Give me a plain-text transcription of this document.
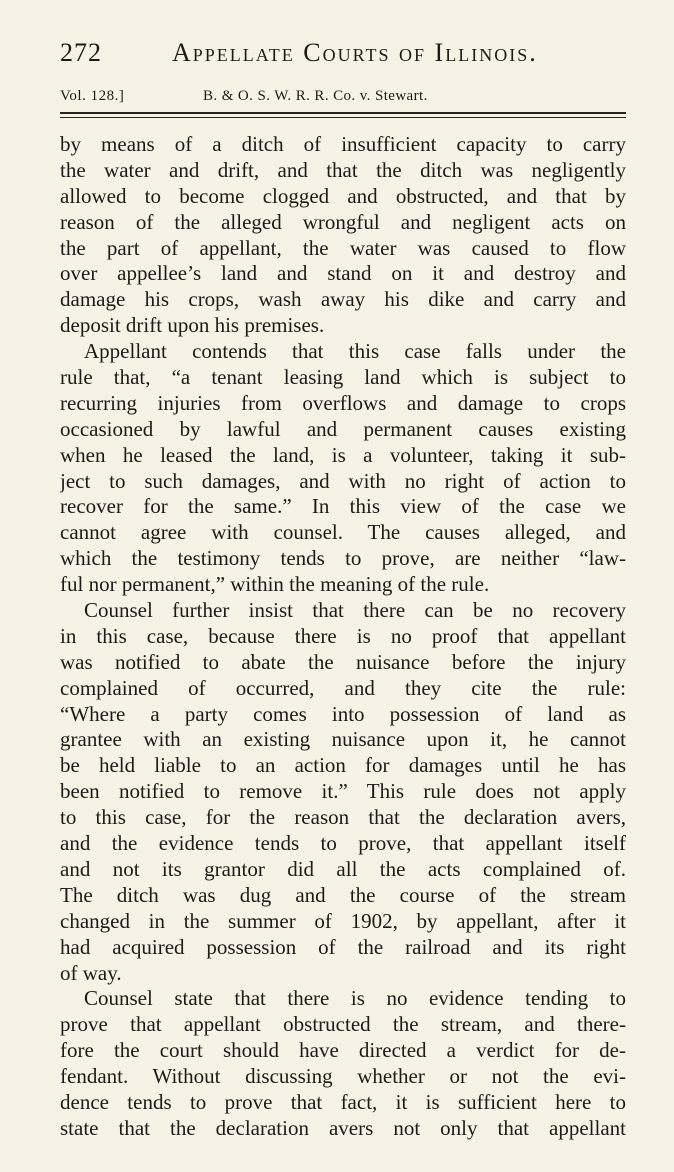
272	Appellate Courts of Illinois.
Vol. 128.]	B. & O. S. W. R. R. Co. v. Stewart.
by means of a ditch of insufficient capacity to carry
the water and drift, and that the ditch was negligently
allowed to become clogged and obstructed, and that by
reason of the alleged wrongful and negligent acts on
the part of appellant, the water was caused to flow
over appellee’s land and stand on it and destroy and
damage his crops, wash away his dike and carry and
deposit drift upon his premises.
Appellant contends that this case falls under the
rule that, “a tenant leasing land which is subject to
recurring injuries from overflows and damage to crops
occasioned by lawful and permanent causes existing
when he leased the land, is a volunteer, taking it sub-
ject to such damages, and with no right of action to
recover for the same.” In this view of the case we
cannot agree with counsel. The causes alleged, and
which the testimony tends to prove, are neither “law-
ful nor permanent,” within the meaning of the rule.
Counsel further insist that there can be no recovery
in this case, because there is no proof that appellant
was notified to abate the nuisance before the injury
complained of occurred, and they cite the rule:
“Where a party comes into possession of land as
grantee with an existing nuisance upon it, he cannot
be held liable to an action for damages until he has
been notified to remove it.” This rule does not apply
to this case, for the reason that the declaration avers,
and the evidence tends to prove, that appellant itself
and not its grantor did all the acts complained of.
The ditch was dug and the course of the stream
changed in the summer of 1902, by appellant, after it
had acquired possession of the railroad and its right
of way.
Counsel state that there is no evidence tending to
prove that appellant obstructed the stream, and there-
fore the court should have directed a verdict for de-
fendant. Without discussing whether or not the evi-
dence tends to prove that fact, it is sufficient here to
state that the declaration avers not only that appellant
